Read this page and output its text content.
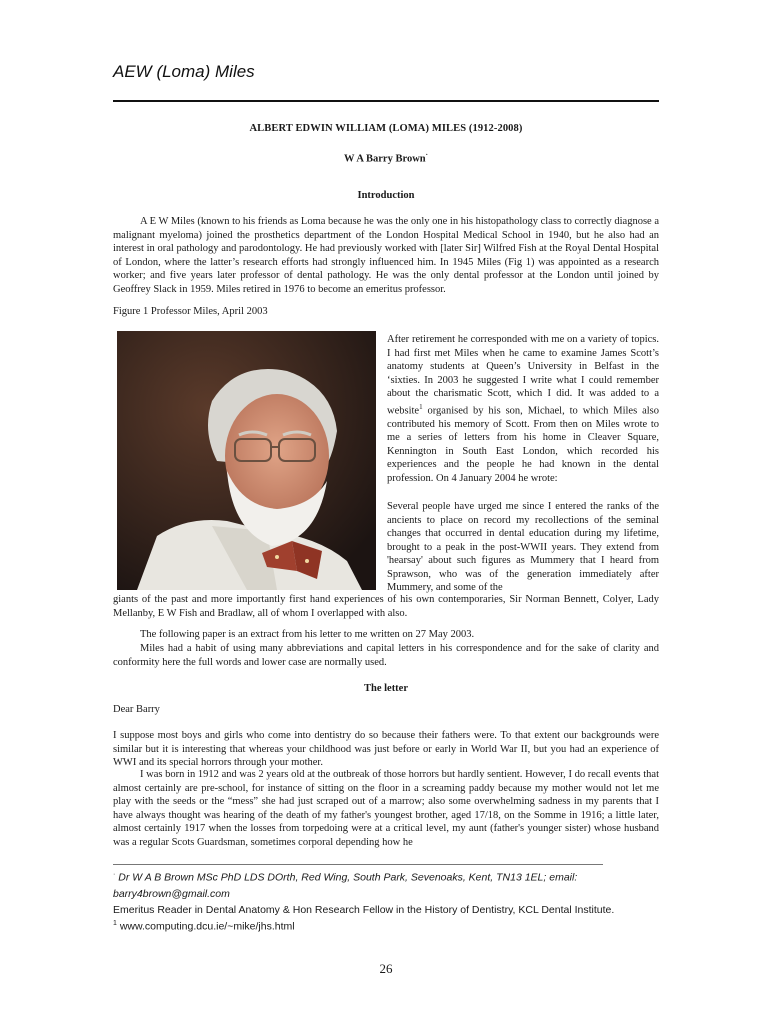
AEW (Loma) Miles
ALBERT EDWIN WILLIAM (LOMA) MILES (1912-2008)
W A Barry Brown·
Introduction

A E W Miles (known to his friends as Loma because he was the only one in his histopathology class to correctly diagnose a malignant myeloma) joined the prosthetics department of the London Hospital Medical School in 1940, but he also had an interest in oral pathology and parodontology. He had previously worked with [later Sir] Wilfred Fish at the Royal Dental Hospital of London, where the latter’s research efforts had strongly influenced him. In 1945 Miles (Fig 1) was appointed as a research worker; and five years later professor of dental pathology. He was the only dental professor at the London until joined by Geoffrey Slack in 1959. Miles retired in 1976 to become an emeritus professor.

Figure 1 Professor Miles, April 2003

After retirement he corresponded with me on a variety of topics. I had first met Miles when he came to examine James Scott’s anatomy students at Queen’s University in Belfast in the ‘sixties. In 2003 he suggested I write what I could remember about the charismatic Scott, which I did. It was added to a website$^1$ organised by his son, Michael, to which Miles also contributed his memory of Scott. From then on Miles wrote to me a series of letters from his home in Cleaver Square, Kennington in South East London, which recorded his experiences and the people he had known in the dental profession. On 4 January 2004 he wrote:

Several people have urged me since I entered the ranks of the ancients to place on record my recollections of the seminal changes that occurred in dental education during my lifetime, brought to a peak in the post-WWII years. They extend from 'hearsay' about such figures as Mummery that I heard from Sprawson, who was of the generation immediately after Mummery, and some of the

giants of the past and more importantly first hand experiences of his own contemporaries, Sir Norman Bennett, Colyer, Lady Mellanby, E W Fish and Bradlaw, all of whom I overlapped with also.

The following paper is an extract from his letter to me written on 27 May 2003.

Miles had a habit of using many abbreviations and capital letters in his correspondence and for the sake of clarity and conformity here the full words and lower case are normally used.

The letter

Dear Barry

I suppose most boys and girls who come into dentistry do so because their fathers were. To that extent our backgrounds were similar but it is interesting that whereas your childhood was just before or early in World War II, but you had an experience of WWI and its special horrors through your mother.

I was born in 1912 and was 2 years old at the outbreak of those horrors but hardly sentient. However, I do recall events that almost certainly are pre-school, for instance of sitting on the floor in a screaming paddy because my mother would not let me play with the seeds or the “mess” she had just scraped out of a marrow; also some overwhelming sadness in my parents that I have always thought was hearing of the death of my father's youngest brother, aged 17/18, on the Somme in 1916; a little later, almost certainly 1917 when the losses from torpedoing were at a critical level, my aunt (father's younger sister) whose husband was a regular Scots Guardsman, sometimes corporal depending how he

· Dr W A B Brown MSc PhD LDS DOrth, Red Wing, South Park, Sevenoaks, Kent, TN13 1EL; email:
barry4brown@gmail.com
Emeritus Reader in Dental Anatomy & Hon Research Fellow in the History of Dentistry, KCL Dental Institute.
$^1$ www.computing.dcu.ie/~mike/jhs.html
26
